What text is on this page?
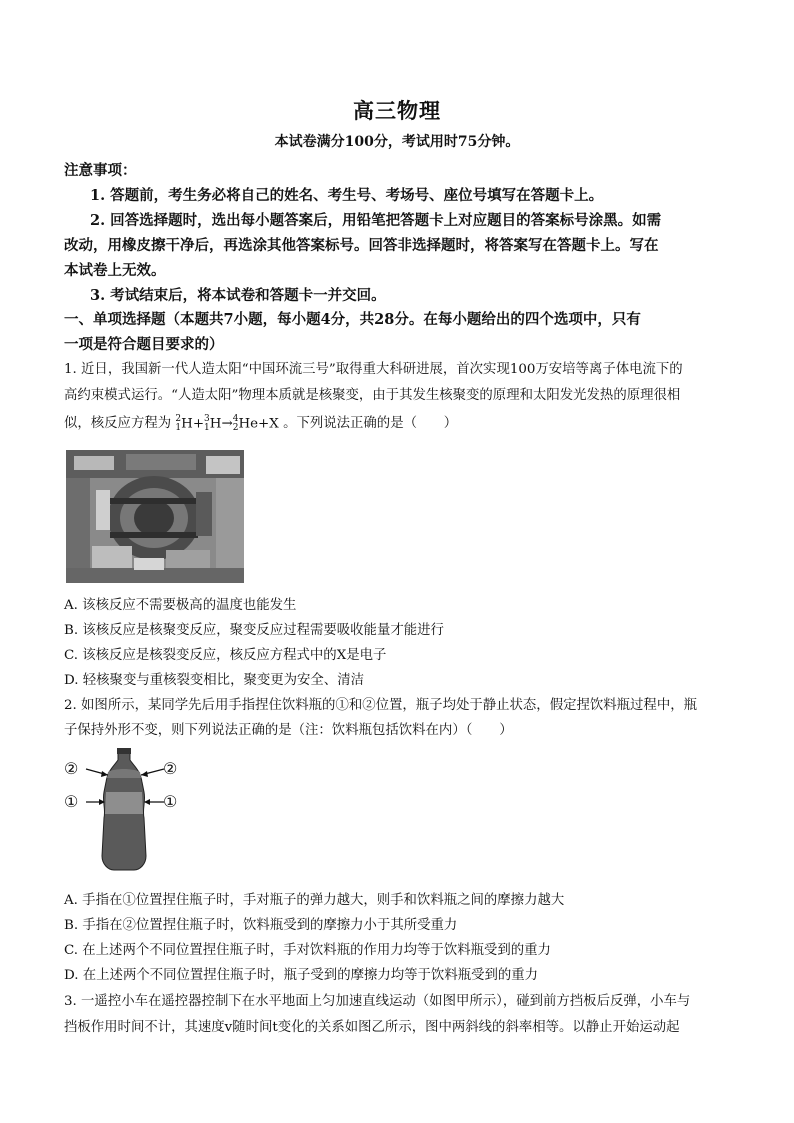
高三物理
本试卷满分100分，考试用时75分钟。
注意事项：
1. 答题前，考生务必将自己的姓名、考生号、考场号、座位号填写在答题卡上。
2. 回答选择题时，选出每小题答案后，用铅笔把答题卡上对应题目的答案标号涂黑。如需
改动，用橡皮擦干净后，再选涂其他答案标号。回答非选择题时，将答案写在答题卡上。写在
本试卷上无效。
3. 考试结束后，将本试卷和答题卡一并交回。
一、单项选择题（本题共7小题，每小题4分，共28分。在每小题给出的四个选项中，只有
一项是符合题目要求的）
1. 近日，我国新一代人造太阳“中国环流三号”取得重大科研进展，首次实现100万安培等离子体电流下的
高约束模式运行。“人造太阳”物理本质就是核聚变，由于其发生核聚变的原理和太阳发光发热的原理很相
似，核反应方程为 2
1H+3
1H→4
2He+X 。下列说法正确的是（　　）
A. 该核反应不需要极高的温度也能发生
B. 该核反应是核聚变反应，聚变反应过程需要吸收能量才能进行
C. 该核反应是核裂变反应，核反应方程式中的X是电子
D. 轻核聚变与重核裂变相比，聚变更为安全、清洁
2. 如图所示，某同学先后用手指捏住饮料瓶的①和②位置，瓶子均处于静止状态，假定捏饮料瓶过程中，瓶
子保持外形不变，则下列说法正确的是（注：饮料瓶包括饮料在内）（　　）
②	②
①	①
A. 手指在①位置捏住瓶子时，手对瓶子的弹力越大，则手和饮料瓶之间的摩擦力越大
B. 手指在②位置捏住瓶子时，饮料瓶受到的摩擦力小于其所受重力
C. 在上述两个不同位置捏住瓶子时，手对饮料瓶的作用力均等于饮料瓶受到的重力
D. 在上述两个不同位置捏住瓶子时，瓶子受到的摩擦力均等于饮料瓶受到的重力
3. 一遥控小车在遥控器控制下在水平地面上匀加速直线运动（如图甲所示），碰到前方挡板后反弹，小车与
挡板作用时间不计，其速度v随时间t变化的关系如图乙所示，图中两斜线的斜率相等。以静止开始运动起
